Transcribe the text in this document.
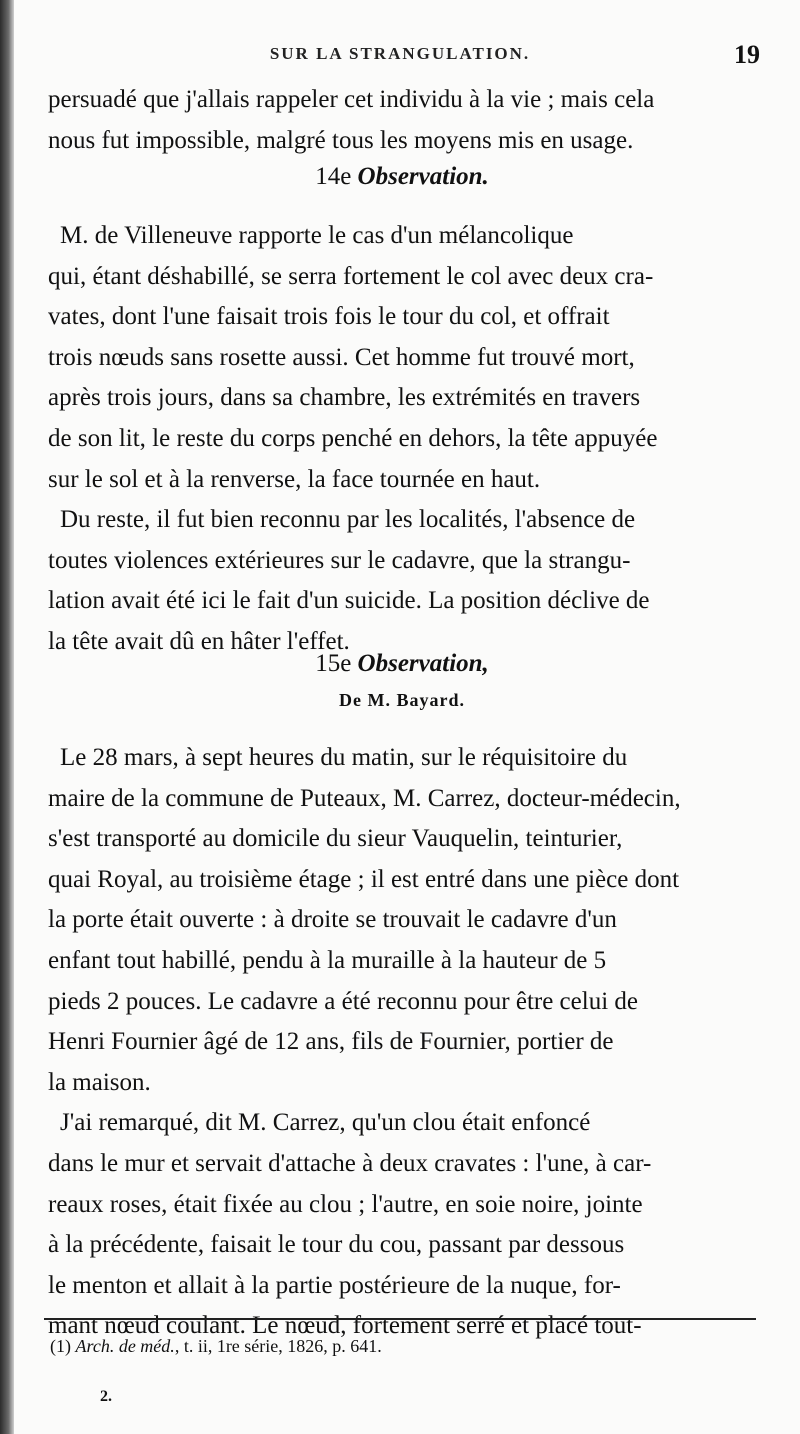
SUR LA STRANGULATION.	19

persuadé que j'allais rappeler cet individu à la vie ; mais cela

nous fut impossible, malgré tous les moyens mis en usage.

14e Observation.

M. de Villeneuve rapporte le cas d'un mélancolique

qui, étant déshabillé, se serra fortement le col avec deux cra-

vates, dont l'une faisait trois fois le tour du col, et offrait

trois nœuds sans rosette aussi. Cet homme fut trouvé mort,

après trois jours, dans sa chambre, les extrémités en travers

de son lit, le reste du corps penché en dehors, la tête appuyée

sur le sol et à la renverse, la face tournée en haut.

Du reste, il fut bien reconnu par les localités, l'absence de

toutes violences extérieures sur le cadavre, que la strangu-

lation avait été ici le fait d'un suicide. La position déclive de

la tête avait dû en hâter l'effet.

15e Observation,
De M. Bayard.

Le 28 mars, à sept heures du matin, sur le réquisitoire du

maire de la commune de Puteaux, M. Carrez, docteur-médecin,

s'est transporté au domicile du sieur Vauquelin, teinturier,

quai Royal, au troisième étage ; il est entré dans une pièce dont

la porte était ouverte : à droite se trouvait le cadavre d'un

enfant tout habillé, pendu à la muraille à la hauteur de 5

pieds 2 pouces. Le cadavre a été reconnu pour être celui de

Henri Fournier âgé de 12 ans, fils de Fournier, portier de

la maison.

J'ai remarqué, dit M. Carrez, qu'un clou était enfoncé

dans le mur et servait d'attache à deux cravates : l'une, à car-

reaux roses, était fixée au clou ; l'autre, en soie noire, jointe

à la précédente, faisait le tour du cou, passant par dessous

le menton et allait à la partie postérieure de la nuque, for-

mant nœud coulant. Le nœud, fortement serré et placé tout-

(1) Arch. de méd., t. ii, 1re série, 1826, p. 641.
2.
